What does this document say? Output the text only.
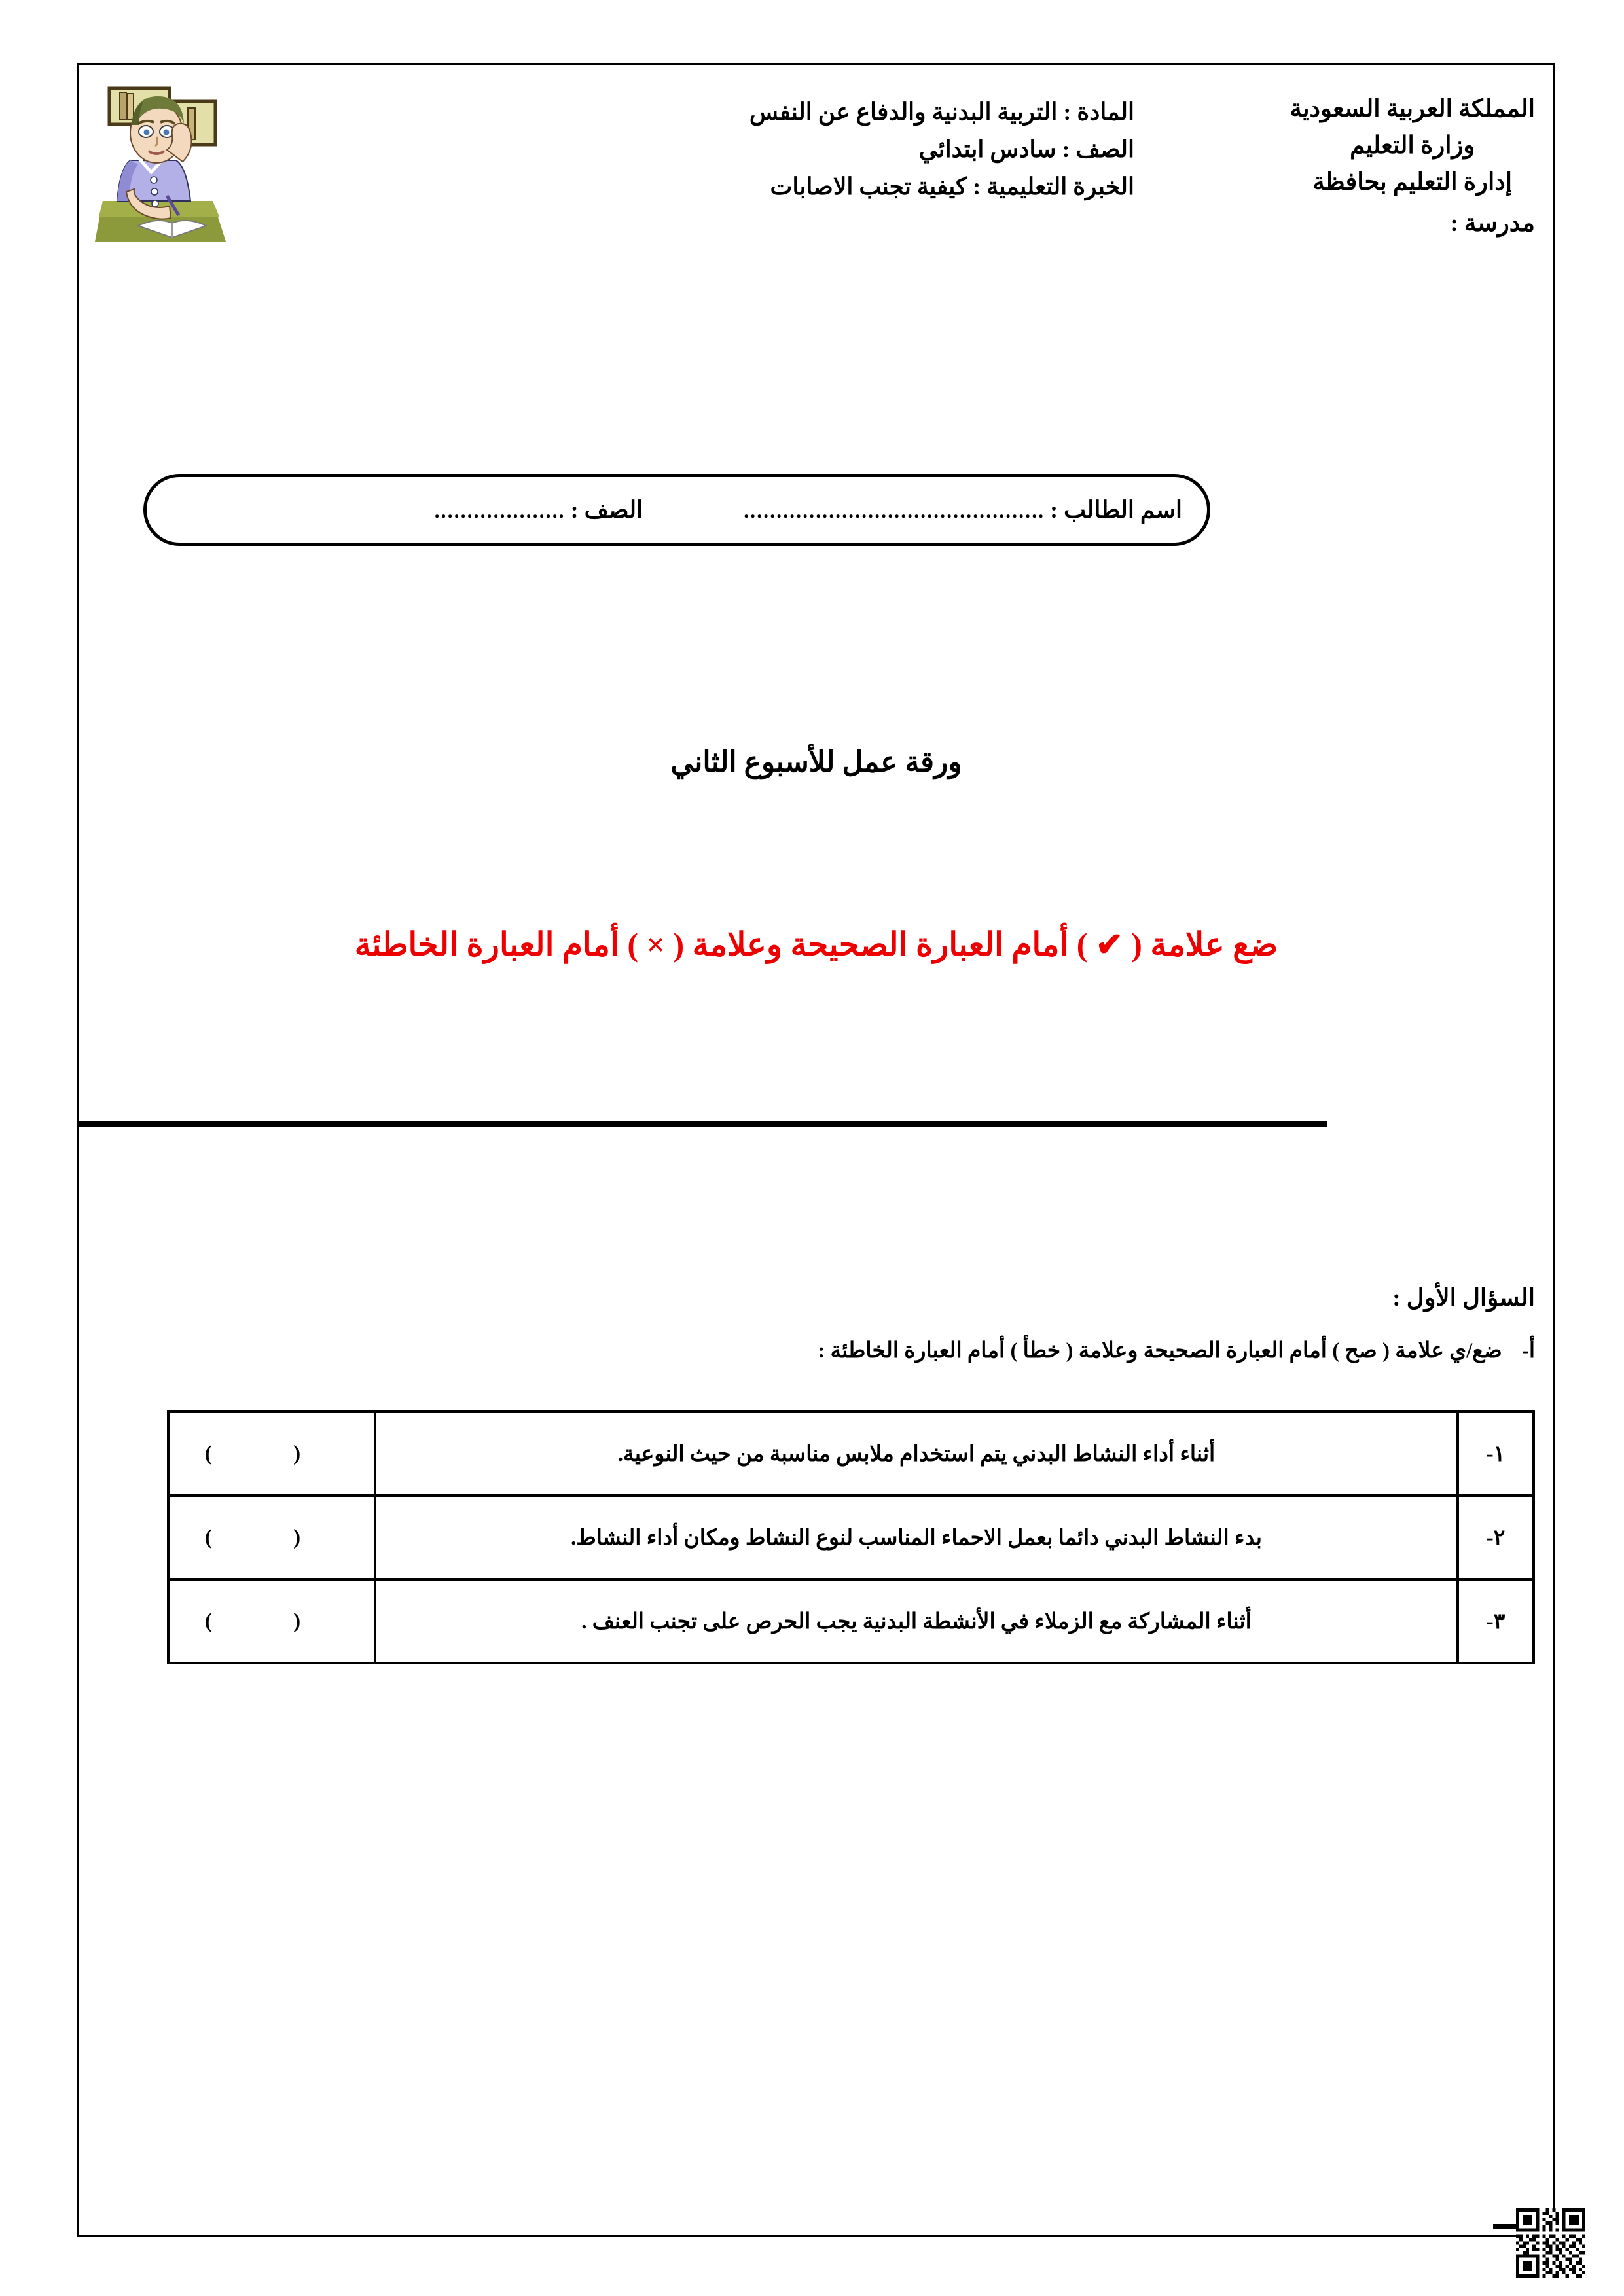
المملكة العربية السعودية
وزارة التعليم
إدارة التعليم بحافظة
المادة : التربية البدنية والدفاع عن النفس
الصف : سادس ابتدائي
الخبرة التعليمية : كيفية تجنب الاصابات
مدرسة :
اسم الطالب :
..............................................
الصف :
....................
ورقة عمل للأسبوع الثاني
ضع علامة ( ✔ ) أمام العبارة الصحيحة وعلامة ( × ) أمام العبارة الخاطئة
السؤال الأول :
أ-
ضع/ي علامة ( صح ) أمام العبارة الصحيحة وعلامة ( خطأ ) أمام العبارة الخاطئة :
١-	أثناء أداء النشاط البدني يتم استخدام ملابس مناسبة من حيث النوعية.	( )
٢-	بدء النشاط البدني دائما بعمل الاحماء المناسب لنوع النشاط ومكان أداء النشاط.	( )
٣-	أثناء المشاركة مع الزملاء في الأنشطة البدنية يجب الحرص على تجنب العنف .	( )
